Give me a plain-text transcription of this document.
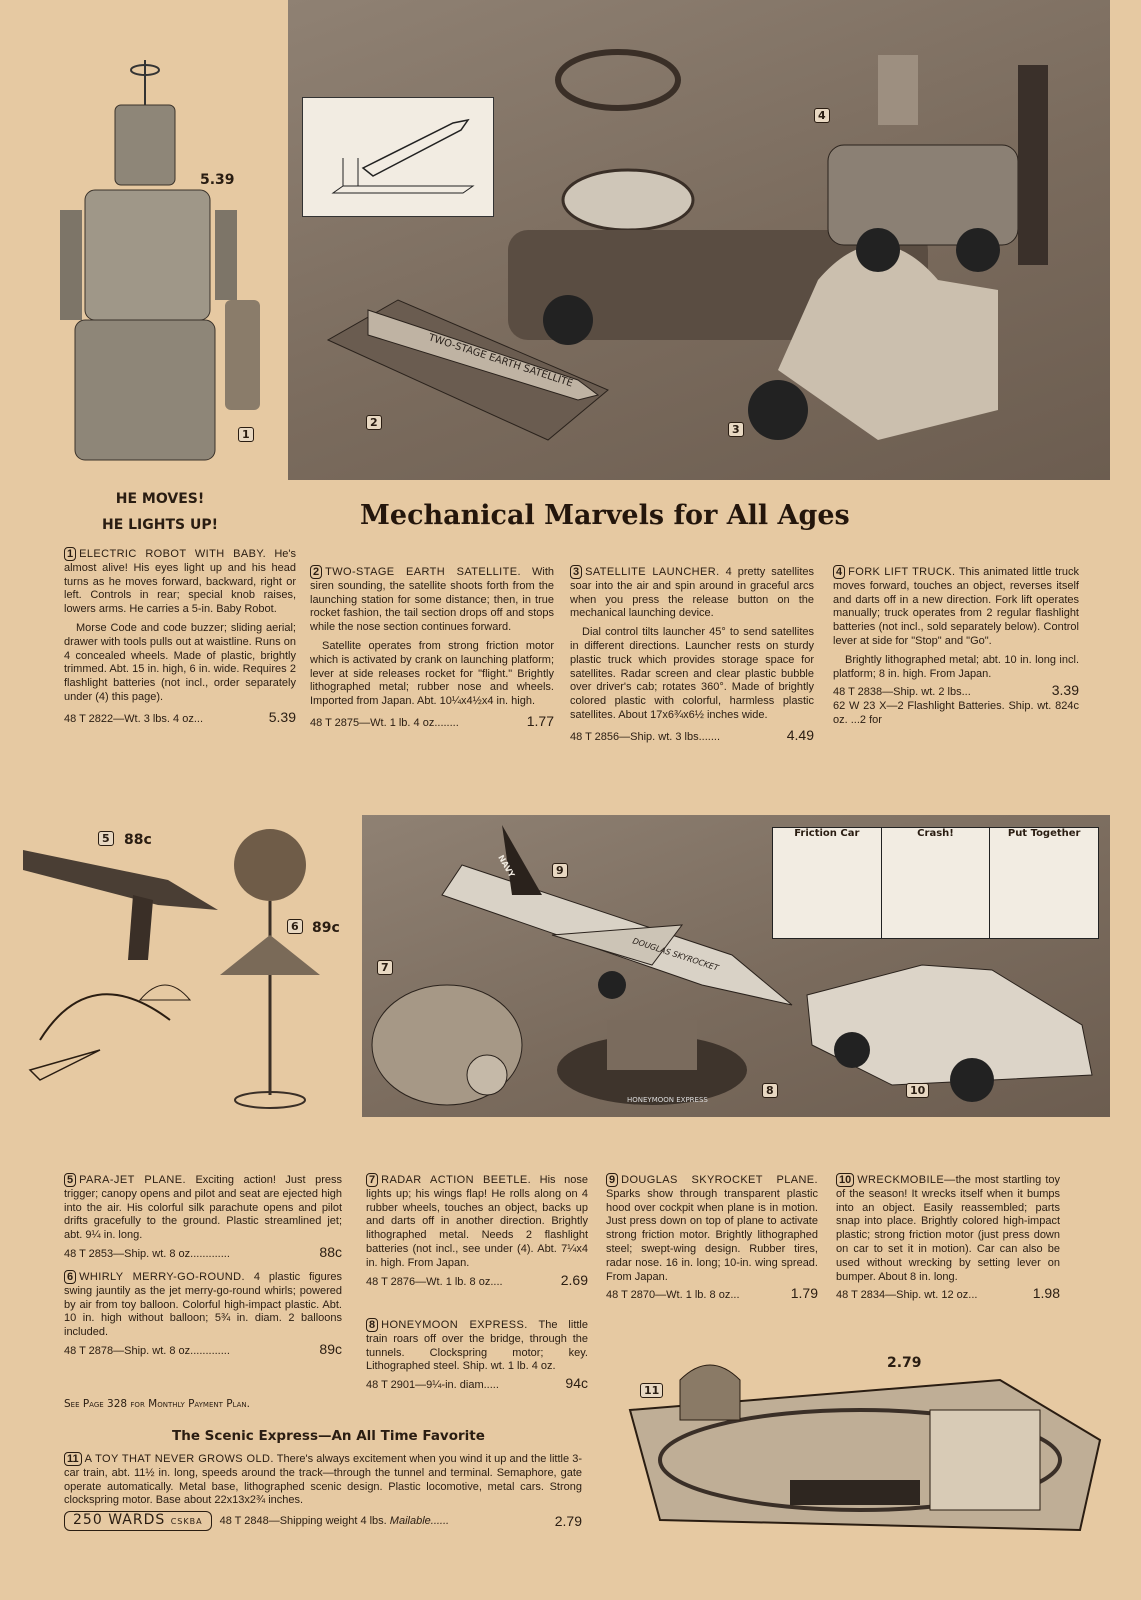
TWO-STAGE EARTH SATELLITE
2
3
4
5.39
1
HE MOVES!
HE LIGHTS UP!	Mechanical Marvels for All Ages

1 ELECTRIC ROBOT WITH BABY. He's almost alive! His eyes light up and his head turns as he moves forward, backward, right or left. Controls in rear; special knob raises, lowers arms. He carries a 5-in. Baby Robot.

Morse Code and code buzzer; sliding aerial; drawer with tools pulls out at waistline. Runs on 4 concealed wheels. Made of plastic, brightly trimmed. Abt. 15 in. high, 6 in. wide. Requires 2 flashlight batteries (not incl., order separately under (4) this page).

48 T 2822—Wt. 3 lbs. 4 oz...	5.39

2 TWO-STAGE EARTH SATELLITE. With siren sounding, the satellite shoots forth from the launching station for some distance; then, in true rocket fashion, the tail section drops off and stops while the nose section continues forward.

Satellite operates from strong friction motor which is activated by crank on launching platform; lever at side releases rocket for "flight." Brightly lithographed metal; rubber nose and wheels. Imported from Japan. Abt. 10¼x4½x4 in. high.

48 T 2875—Wt. 1 lb. 4 oz........	1.77

3 SATELLITE LAUNCHER. 4 pretty satellites soar into the air and spin around in graceful arcs when you press the release button on the mechanical launching device.

Dial control tilts launcher 45° to send satellites in different directions. Launcher rests on sturdy plastic truck which provides storage space for satellites. Radar screen and clear plastic bubble over driver's cab; rotates 360°. Made of brightly colored plastic with colorful, harmless plastic satellites. About 17x6¾x6½ inches wide.

48 T 2856—Ship. wt. 3 lbs.......	4.49

4 FORK LIFT TRUCK. This animated little truck moves forward, touches an object, reverses itself and darts off in a new direction. Fork lift operates manually; truck operates from 2 regular flashlight batteries (not incl., sold separately below). Control lever at side for "Stop" and "Go".

Brightly lithographed metal; abt. 10 in. long incl. platform; 8 in. high. From Japan.

48 T 2838—Ship. wt. 2 lbs...	3.39
62 W 23 X—2 Flashlight Batteries. Ship. wt. 8 oz. ...2 for
24c
5 88c
6 89c
Friction Car	Crash!	Put Together
NAVY
DOUGLAS SKYROCKET
HONEYMOON EXPRESS
7
8
9
10

5 PARA-JET PLANE. Exciting action! Just press trigger; canopy opens and pilot and seat are ejected high into the air. His colorful silk parachute opens and pilot drifts gracefully to the ground. Plastic streamlined jet; abt. 9¼ in. long.

48 T 2853—Ship. wt. 8 oz.............	88c

6 WHIRLY MERRY-GO-ROUND. 4 plastic figures swing jauntily as the jet merry-go-round whirls; powered by air from toy balloon. Colorful high-impact plastic. Abt. 10 in. high without balloon; 5¾ in. diam. 2 balloons included.

48 T 2878—Ship. wt. 8 oz.............	89c
See Page 328 for Monthly Payment Plan.

7 RADAR ACTION BEETLE. His nose lights up; his wings flap! He rolls along on 4 rubber wheels, touches an object, backs up and darts off in another direction. Brightly lithographed metal. Needs 2 flashlight batteries (not incl., see under (4). Abt. 7¼x4 in. high. From Japan.

48 T 2876—Wt. 1 lb. 8 oz....	2.69

8 HONEYMOON EXPRESS. The little train roars off over the bridge, through the tunnels. Clockspring motor; key. Lithographed steel. Ship. wt. 1 lb. 4 oz.

48 T 2901—9¼-in. diam.....	94c

9 DOUGLAS SKYROCKET PLANE. Sparks show through transparent plastic hood over cockpit when plane is in motion. Just press down on top of plane to activate strong friction motor. Brightly lithographed steel; swept-wing design. Rubber tires, radar nose. 16 in. long; 10-in. wing spread. From Japan.

48 T 2870—Wt. 1 lb. 8 oz...	1.79

10 WRECKMOBILE—the most startling toy of the season! It wrecks itself when it bumps into an object. Easily reassembled; parts snap into place. Brightly colored high-impact plastic; strong friction motor (just press down on car to set it in motion). Car can also be used without wrecking by setting lever on bumper. About 8 in. long.

48 T 2834—Ship. wt. 12 oz...	1.98
The Scenic Express—An All Time Favorite

11 A TOY THAT NEVER GROWS OLD. There's always excitement when you wind it up and the little 3-car train, abt. 11½ in. long, speeds around the track—through the tunnel and terminal. Semaphore, gate operate automatically. Metal base, lithographed scenic design. Plastic locomotive, metal cars. Strong clockspring motor. Base about 22x13x2¾ inches.

250 WARDS CSKBA	48 T 2848—Shipping weight 4 lbs. Mailable......	2.79
11
2.79
